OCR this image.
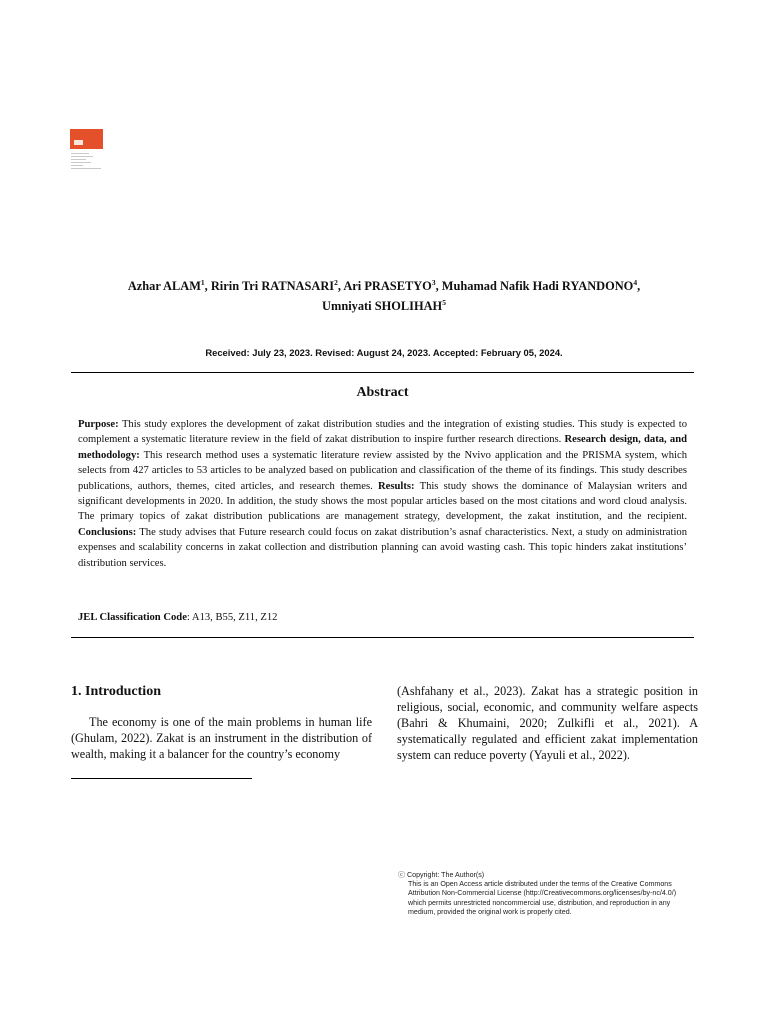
Azhar ALAM$^1$, Ririn Tri RATNASARI$^2$, Ari PRASETYO$^3$, Muhamad Nafik Hadi RYANDONO$^4$,
Umniyati SHOLIHAH$^5$
Received: July 23, 2023. Revised: August 24, 2023. Accepted: February 05, 2024.
Abstract
Purpose: This study explores the development of zakat distribution studies and the integration of existing studies. This study is expected to complement a systematic literature review in the field of zakat distribution to inspire further research directions. Research design, data, and methodology: This research method uses a systematic literature review assisted by the Nvivo application and the PRISMA system, which selects from 427 articles to 53 articles to be analyzed based on publication and classification of the theme of its findings. This study describes publications, authors, themes, cited articles, and research themes. Results: This study shows the dominance of Malaysian writers and significant developments in 2020. In addition, the study shows the most popular articles based on the most citations and word cloud analysis. The primary topics of zakat distribution publications are management strategy, development, the zakat institution, and the recipient. Conclusions: The study advises that Future research could focus on zakat distribution’s asnaf characteristics. Next, a study on administration expenses and scalability concerns in zakat collection and distribution planning can avoid wasting cash. This topic hinders zakat institutions’ distribution services.
JEL Classification Code: A13, B55, Z11, Z12
1. Introduction

The economy is one of the main problems in human life (Ghulam, 2022). Zakat is an instrument in the distribution of wealth, making it a balancer for the country’s economy

(Ashfahany et al., 2023). Zakat has a strategic position in religious, social, economic, and community welfare aspects (Bahri & Khumaini, 2020; Zulkifli et al., 2021). A systematically regulated and efficient zakat implementation system can reduce poverty (Yayuli et al., 2022).
ⓒ Copyright: The Author(s)
This is an Open Access article distributed under the terms of the Creative Commons
Attribution Non-Commercial License (http://Creativecommons.org/licenses/by-nc/4.0/)
which permits unrestricted noncommercial use, distribution, and reproduction in any
medium, provided the original work is properly cited.
